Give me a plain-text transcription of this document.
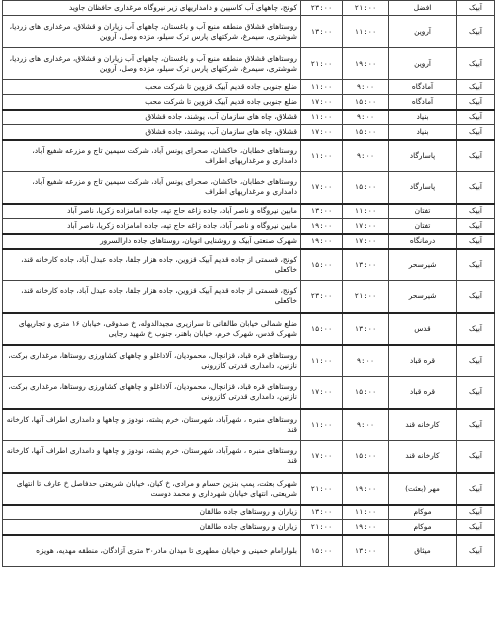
آبیک	افضل	۲۱:۰۰	۲۳:۰۰	کونج، چاههای آب کاسپین و دامداریهای زیر نیروگاه مرغداری حافظان جاوید
آبیک	آروین	۱۱:۰۰	۱۳:۰۰	روستاهای قشلاق منطقه منبع آب و باغستان، چاههای آب زیاران و قشلاق، مرغداری های زردیا، شوشتری، سیمرغ، شرکتهای پارس ترک سیلو، مزده وصل، آروین
آبیک	آروین	۱۹:۰۰	۲۱:۰۰	روستاهای قشلاق منطقه منبع آب و باغستان، چاههای آب زیاران و قشلاق، مرغداری های زردیا، شوشتری، سیمرغ، شرکتهای پارس ترک سیلو، مزده وصل، آروین
آبیک	آمادگاه	۹:۰۰	۱۱:۰۰	ضلع جنوبی جاده قدیم آبیک قزوین تا شرکت محب
آبیک	آمادگاه	۱۵:۰۰	۱۷:۰۰	ضلع جنوبی جاده قدیم آبیک قزوین تا شرکت محب
آبیک	بنیاد	۹:۰۰	۱۱:۰۰	قشلاق، چاه های سازمان آب، یوشند، جاده قشلاق
آبیک	بنیاد	۱۵:۰۰	۱۷:۰۰	قشلاق، چاه های سازمان آب، یوشند، جاده قشلاق
آبیک	پاسارگاد	۹:۰۰	۱۱:۰۰	روستاهای خطابان، خاکشان، صحرای یونس آباد، شرکت سیمین تاج و مزرعه شفیع آباد، دامداری و مرغداریهای اطراف
آبیک	پاسارگاد	۱۵:۰۰	۱۷:۰۰	روستاهای خطابان، خاکشان، صحرای یونس آباد، شرکت سیمین تاج و مزرعه شفیع آباد، دامداری و مرغداریهای اطراف
آبیک	تفتان	۱۱:۰۰	۱۳:۰۰	مابین نیروگاه و ناصر آباد، جاده زاغه حاج تپه، جاده امامزاده زکریا، ناصر آباد
آبیک	تفتان	۱۷:۰۰	۱۹:۰۰	مابین نیروگاه و ناصر آباد، جاده زاغه حاج تپه، جاده امامزاده زکریا، ناصر آباد
آبیک	درمانگاه	۱۷:۰۰	۱۹:۰۰	شهرک صنعتی آبیک و روشنایی اتوبان، روستاهای جاده دارالسرور
آبیک	شیرسحر	۱۳:۰۰	۱۵:۰۰	کونج، قسمتی از جاده قدیم آبیک قزوین، جاده هزار جلفا، جاده عبدل آباد، جاده کارخانه قند، خاکعلی
آبیک	شیرسحر	۲۱:۰۰	۲۳:۰۰	کونج، قسمتی از جاده قدیم آبیک قزوین، جاده هزار جلفا، جاده عبدل آباد، جاده کارخانه قند، خاکعلی
آبیک	قدس	۱۳:۰۰	۱۵:۰۰	ضلع شمالی خیابان طالقانی تا سرازیری مجیدالدوله، خ صدوقی، خیابان ۱۶ متری و تجاریهای شهرک قدس، شهرک خرم، خیابان باهنر، جنوب خ شهید رجایی
آبیک	قره قباد	۹:۰۰	۱۱:۰۰	روستاهای قره قباد، قزانچال، محمودیان، آلاداغلو و چاههای کشاورزی روستاها، مرغداری برکت، نازنین، دامداری قدرتی کازرونی
آبیک	قره قباد	۱۵:۰۰	۱۷:۰۰	روستاهای قره قباد، قزانچال، محمودیان، آلاداغلو و چاههای کشاورزی روستاها، مرغداری برکت، نازنین، دامداری قدرتی کازرونی
آبیک	کارخانه قند	۹:۰۰	۱۱:۰۰	روستاهای منبره ، شهرآباد، شهرستان، خرم پشته، نودوز و چاهها و دامداری اطراف آنها، کارخانه قند
آبیک	کارخانه قند	۱۵:۰۰	۱۷:۰۰	روستاهای منبره ، شهرآباد، شهرستان، خرم پشته، نودوز و چاهها و دامداری اطراف آنها، کارخانه قند
آبیک	مهر (بعثت)	۱۹:۰۰	۲۱:۰۰	شهرک بعثت، پمپ بنزین حسام و مرادی، خ کیان، خیابان شریعتی حدفاصل خ عارف تا انتهای شریعتی، انتهای خیابان شهرداری و محمد دوست
آبیک	موکام	۱۱:۰۰	۱۳:۰۰	زیاران و روستاهای جاده طالقان
آبیک	موکام	۱۹:۰۰	۲۱:۰۰	زیاران و روستاهای جاده طالقان
آبیک	میثاق	۱۳:۰۰	۱۵:۰۰	بلوارامام خمینی و خیابان مطهری تا میدان مادر۳۰ متری آزادگان، منطقه مهدیه، هویزه
